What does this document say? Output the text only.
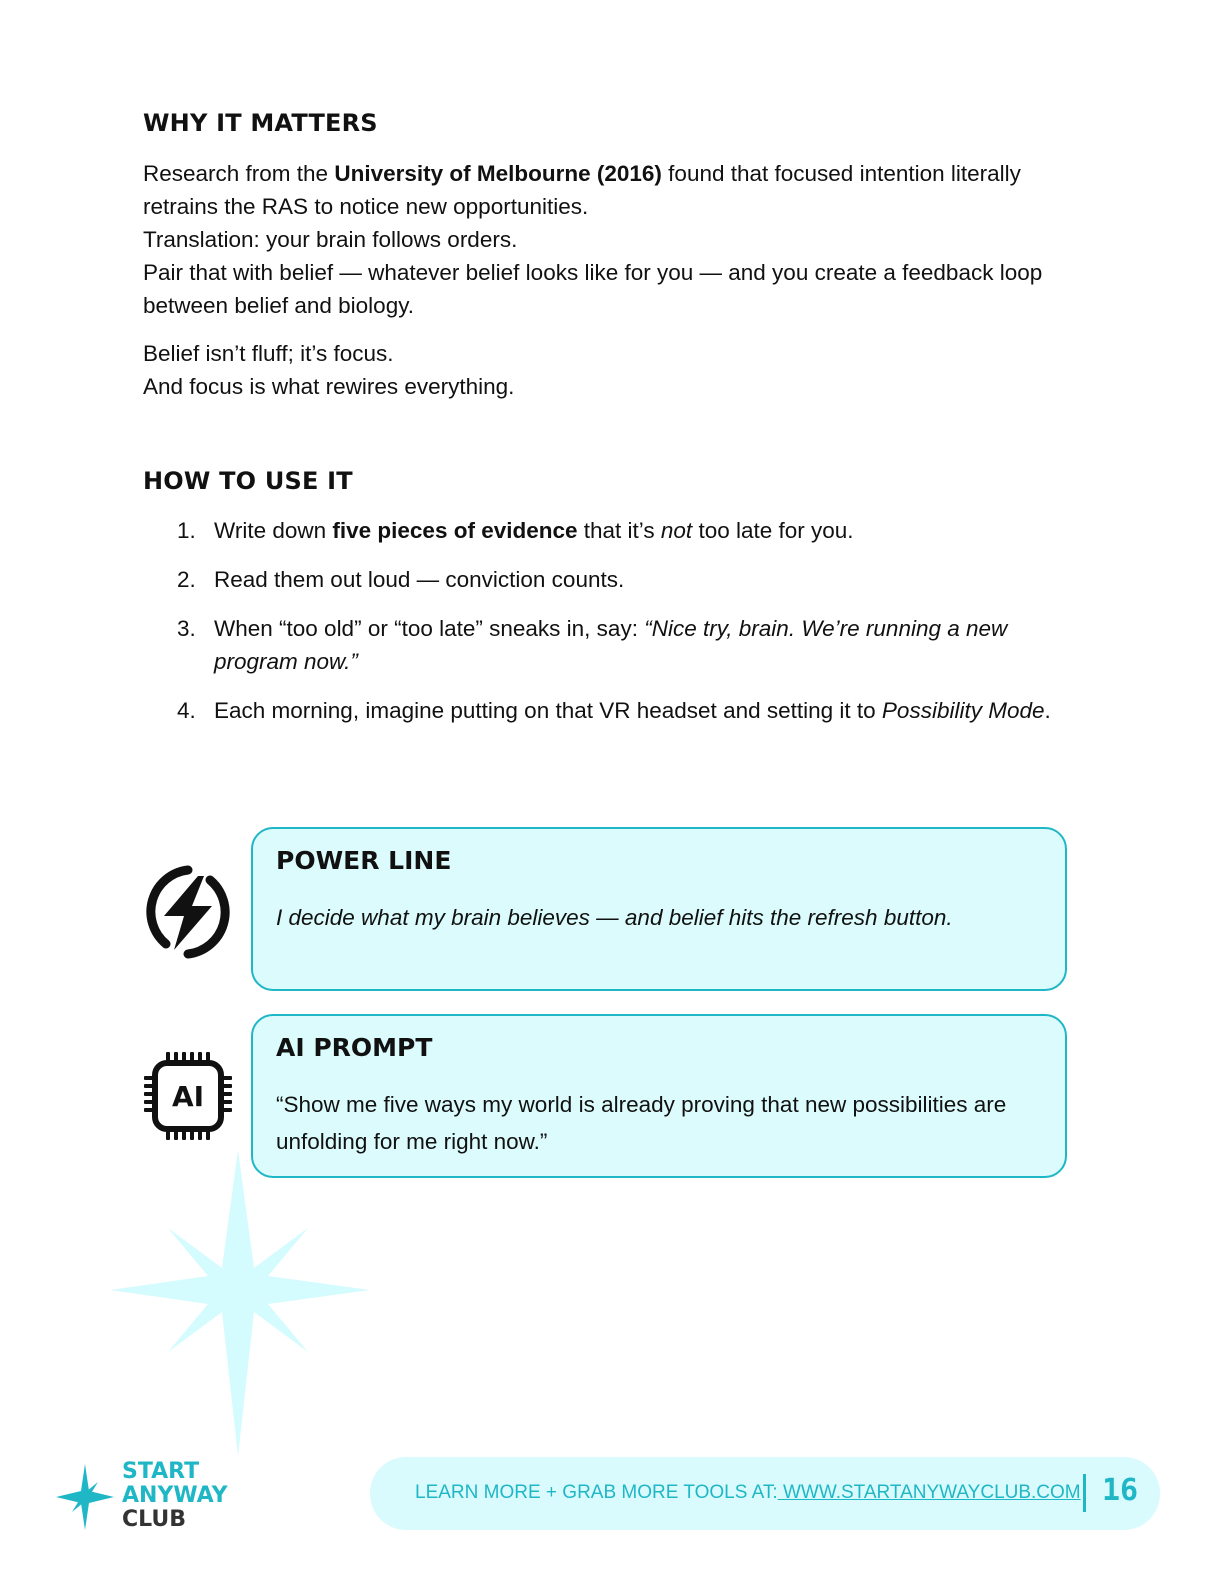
WHY IT MATTERS

Research from the University of Melbourne (2016) found that focused intention literally retrains the RAS to notice new opportunities.
Translation: your brain follows orders.
Pair that with belief — whatever belief looks like for you — and you create a feedback loop between belief and biology.

Belief isn’t fluff; it’s focus.
And focus is what rewires everything.

HOW TO USE IT
1. Write down five pieces of evidence that it’s not too late for you.
2. Read them out loud — conviction counts.
3. When “too old” or “too late” sneaks in, say: “Nice try, brain. We’re running a new program now.”
4. Each morning, imagine putting on that VR headset and setting it to Possibility Mode.
POWER LINE

I decide what my brain believes — and belief hits the refresh button.

AI
AI PROMPT

“Show me five ways my world is already proving that new possibilities are unfolding for me right now.”

START
ANYWAY
CLUB

LEARN MORE + GRAB MORE TOOLS AT: WWW.STARTANYWAYCLUB.COM 16
